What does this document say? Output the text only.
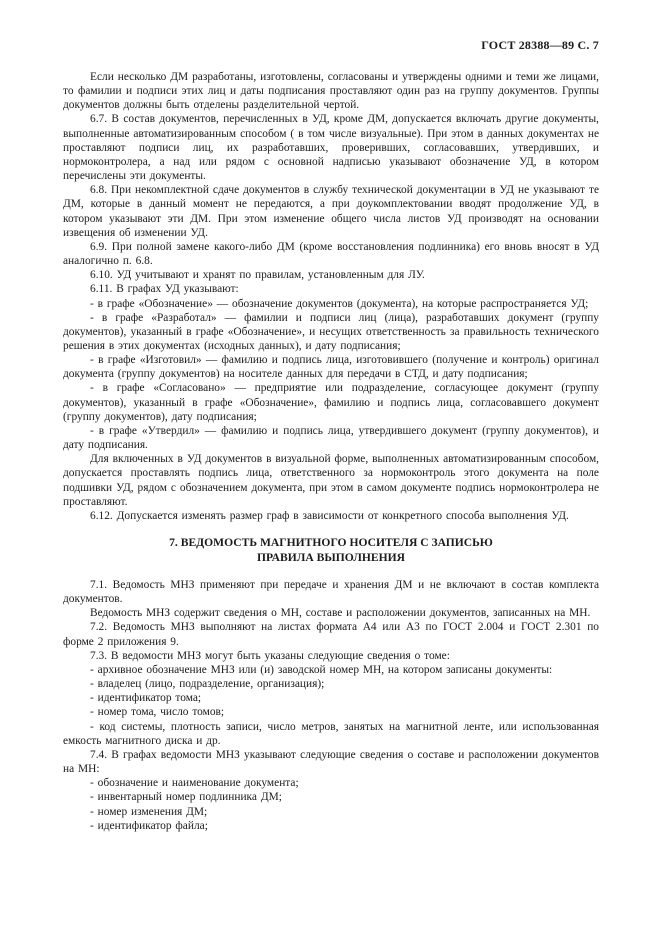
ГОСТ 28388—89 С. 7

Если несколько ДМ разработаны, изготовлены, согласованы и утверждены одними и теми же лицами, то фамилии и подписи этих лиц и даты подписания проставляют один раз на группу документов. Группы документов должны быть отделены разделительной чертой.

6.7. В состав документов, перечисленных в УД, кроме ДМ, допускается включать другие документы, выполненные автоматизированным способом ( в том числе визуальные). При этом в данных документах не проставляют подписи лиц, их разработавших, проверивших, согласовавших, утвердивших, и нормоконтролера, а над или рядом с основной надписью указывают обозначение УД, в котором перечислены эти документы.

6.8. При некомплектной сдаче документов в службу технической документации в УД не указывают те ДМ, которые в данный момент не передаются, а при доукомплектовании вводят продолжение УД, в котором указывают эти ДМ. При этом изменение общего числа листов УД производят на основании извещения об изменении УД.

6.9. При полной замене какого-либо ДМ (кроме восстановления подлинника) его вновь вносят в УД аналогично п. 6.8.

6.10. УД учитывают и хранят по правилам, установленным для ЛУ.

6.11. В графах УД указывают:

- в графе «Обозначение» — обозначение документов (документа), на которые распространяется УД;

- в графе «Разработал» — фамилии и подписи лиц (лица), разработавших документ (группу документов), указанный в графе «Обозначение», и несущих ответственность за правильность технического решения в этих документах (исходных данных), и дату подписания;

- в графе «Изготовил» — фамилию и подпись лица, изготовившего (получение и контроль) оригинал документа (группу документов) на носителе данных для передачи в СТД, и дату подписания;

- в графе «Согласовано» — предприятие или подразделение, согласующее документ (группу документов), указанный в графе «Обозначение», фамилию и подпись лица, согласовавшего документ (группу документов), дату подписания;

- в графе «Утвердил» — фамилию и подпись лица, утвердившего документ (группу документов), и дату подписания.

Для включенных в УД документов в визуальной форме, выполненных автоматизированным способом, допускается проставлять подпись лица, ответственного за нормоконтроль этого документа на поле подшивки УД, рядом с обозначением документа, при этом в самом документе подпись нормоконтролера не проставляют.

6.12. Допускается изменять размер граф в зависимости от конкретного способа выполнения УД.

7. ВЕДОМОСТЬ МАГНИТНОГО НОСИТЕЛЯ С ЗАПИСЬЮ
ПРАВИЛА ВЫПОЛНЕНИЯ

7.1. Ведомость МНЗ применяют при передаче и хранения ДМ и не включают в состав комплекта документов.

Ведомость МНЗ содержит сведения о МН, составе и расположении документов, записанных на МН.

7.2. Ведомость МНЗ выполняют на листах формата А4 или А3 по ГОСТ 2.004 и ГОСТ 2.301 по форме 2 приложения 9.

7.3. В ведомости МНЗ могут быть указаны следующие сведения о томе:

- архивное обозначение МНЗ или (и) заводской номер МН, на котором записаны документы:

- владелец (лицо, подразделение, организация);

- идентификатор тома;

- номер тома, число томов;

- код системы, плотность записи, число метров, занятых на магнитной ленте, или использованная емкость магнитного диска и др.

7.4. В графах ведомости МНЗ указывают следующие сведения о составе и расположении документов на МН:

- обозначение и наименование документа;

- инвентарный номер подлинника ДМ;

- номер изменения ДМ;

- идентификатор файла;
